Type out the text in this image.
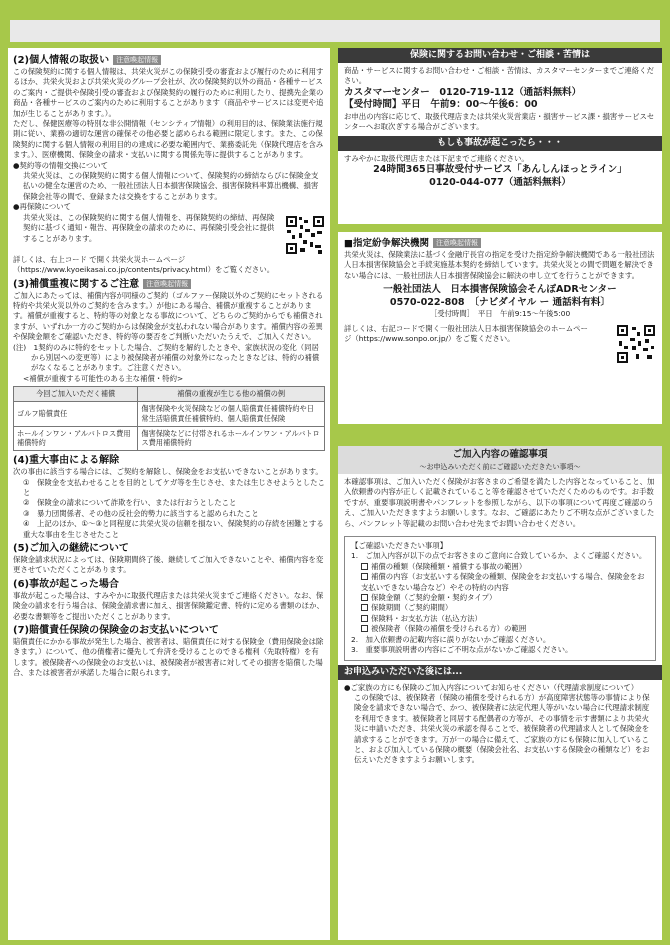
(2)個人情報の取扱い 注意喚起情報
この保険契約に関する個人情報は、共栄火災がこの保険引受の審査および履行のために利用するほか、共栄火災および共栄火災のグループ会社が、次の保険契約以外の商品・各種サービスのご案内・ご提供や保険引受の審査および保険契約の履行のために利用したり、提携先企業の商品・各種サービスのご案内のために利用することがあります（商品やサービスには変更や追加が生じることがあります。）。
ただし、保健医療等の特別な非公開情報（センシティブ情報）の利用目的は、保険業法施行規則に従い、業務の適切な運営の確保その他必要と認められる範囲に限定します。また、この保険契約に関する個人情報の利用目的の達成に必要な範囲内で、業務委託先（保険代理店を含みます。）、医療機関、保険金の請求・支払いに関する関係先等に提供することがあります。
●契約等の情報交換について
共栄火災は、この保険契約に関する個人情報について、保険契約の締結ならびに保険金支払いの健全な運営のため、一般社団法人日本損害保険協会、損害保険料率算出機構、損害保険会社等の間で、登録または交換をすることがあります。
●再保険について
共栄火災は、この保険契約に関する個人情報を、再保険契約の締結、再保険契約に基づく通知・報告、再保険金の請求のために、再保険引受会社に提供することがあります。
詳しくは、右上コード で開く共栄火災ホームページ（https://www.kyoeikasai.co.jp/contents/privacy.html）をご覧ください。
(3)補償重複に関するご注意 注意喚起情報
ご加入にあたっては、補償内容が同様のご契約（ゴルファー保険以外のご契約にセットされる特約や共栄火災以外のご契約を含みます。）が他にある場合、補償が重複することがあります。補償が重複すると、特約等の対象となる事故について、どちらのご契約からでも補償されますが、いずれか一方のご契約からは保険金が支払われない場合があります。補償内容の差異や保険金額をご確認いただき、特約等の要否をご判断いただいたうえで、ご加入ください。
(注)　1契約のみに特約をセットした場合、ご契約を解約したときや、家族状況の変化（同居から別居への変更等）により被保険者が補償の対象外になったときなどは、特約の補償がなくなることがあります。ご注意ください。
<補償が重複する可能性のある主な補償・特約>
今回ご加入いただく補償	補償の重複が生じる他の補償の例
ゴルフ賠償責任	傷害保険や火災保険などの個人賠償責任補償特約や日常生活賠償責任補償特約、個人賠償責任保険
ホールインワン・アルバトロス費用補償特約	傷害保険などに付帯されるホールインワン・アルバトロス費用補償特約
(4)重大事由による解除
次の事由に該当する場合には、ご契約を解除し、保険金をお支払いできないことがあります。
①　保険金を支払わせることを目的としてケガ等を生じさせ、または生じさせようとしたこと
②　保険金の請求について詐欺を行い、または行おうとしたこと
③　暴力団関係者、その他の反社会的勢力に該当すると認められたこと
④　上記のほか、①～③と同程度に共栄火災の信頼を損ない、保険契約の存続を困難とする重大な事由を生じさせたこと
(5)ご加入の継続について
保険金請求状況によっては、保険期間終了後、継続してご加入できないことや、補償内容を変更させていただくことがあります。
(6)事故が起こった場合
事故が起こった場合は、すみやかに取扱代理店または共栄火災までご連絡ください。なお、保険金の請求を行う場合は、保険金請求書に加え、損害保険鑑定書、特約に定める書類のほか、必要な書類等をご提出いただくことがあります。
(7)賠償責任保険の保険金のお支払いについて
賠償責任にかかる事故が発生した場合、被害者は、賠償責任に対する保険金（費用保険金は除きます。）について、他の債権者に優先して弁済を受けることのできる権利（先取特権）を有します。被保険者への保険金のお支払いは、被保険者が被害者に対してその損害を賠償した場合、または被害者が承諾した場合に限られます。
保険に関するお問い合わせ・ご相談・苦情は
商品・サービスに関するお問い合わせ・ご相談・苦情は、カスタマーセンターまでご連絡ください。
カスタマーセンター　0120-719-112（通話料無料）
【受付時間】平日　午前9：00〜午後6：00
お申出の内容に応じて、取扱代理店または共栄火災営業店・損害サービス課・損害サービスセンターへお取次ぎする場合がございます。
もしも事故が起こったら・・・
すみやかに取扱代理店または下記までご連絡ください。
24時間365日事故受付サービス「あんしんほっとライン」
0120-044-077（通話料無料）
■指定紛争解決機関 注意喚起情報
共栄火災は、保険業法に基づく金融庁長官の指定を受けた指定紛争解決機関である一般社団法人日本損害保険協会と手続実施基本契約を締結しています。共栄火災との間で問題を解決できない場合には、一般社団法人日本損害保険協会に解決の申し立てを行うことができます。
一般社団法人　日本損害保険協会そんぽADRセンター
0570-022-808　〔ナビダイヤル ー 通話料有料〕
［受付時間］　平日　午前9:15〜午後5:00
詳しくは、右記コードで開く一般社団法人日本損害保険協会のホームページ（https://www.sonpo.or.jp/）をご覧ください。
ご加入内容の確認事項
〜お申込みいただく前にご確認いただきたい事項〜
本確認事項は、ご加入いただく保険がお客さまのご希望を満たした内容となっていること、加入依頼書の内容が正しく記載されていること等を確認させていただくためのものです。お手数ですが、重要事項説明書やパンフレットを参照しながら、以下の事項について再度ご確認のうえ、ご加入いただきますようお願いします。なお、ご確認にあたりご不明な点がございましたら、パンフレット等記載のお問い合わせ先までお問い合わせください。
【ご確認いただきたい事項】
1.　ご加入内容が以下の点でお客さまのご意向に合致しているか、よくご確認ください。
補償の種類（保険種類・補償する事故の範囲）
補償の内容（お支払いする保険金の種類、保険金をお支払いする場合、保険金をお支払いできない場合など）やその特約の内容
保険金額（ご契約金額・契約タイプ）
保険期間（ご契約期間）
保険料・お支払方法（払込方法）
被保険者（保険の補償を受けられる方）の範囲
2.　加入依頼書の記載内容に誤りがないかご確認ください。
3.　重要事項説明書の内容にご不明な点がないかご確認ください。
お申込みいただいた後には...
●ご家族の方にも保険のご加入内容についてお知らせください（代理請求制度について）
この保険では、被保険者（保険の補償を受けられる方）が高度障害状態等の事情により保険金を請求できない場合で、かつ、被保険者に法定代理人等がいない場合に代理請求制度を利用できます。被保険者と同居する配偶者の方等が、その事情を示す書類により共栄火災に申請いただき、共栄火災の承認を得ることで、被保険者の代理請求人として保険金を請求することができます。万が一の場合に備えて、ご家族の方にも保険に加入していること、および加入している保険の概要（保険会社名、お支払いする保険金の種類など）をお伝えいただきますようお願いします。
